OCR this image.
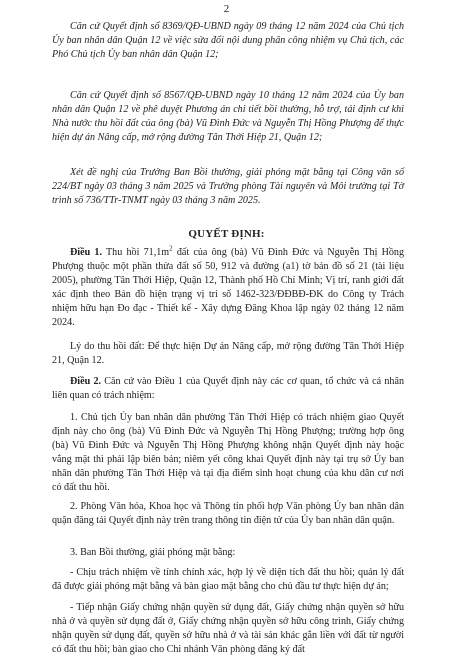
2

Căn cứ Quyết định số 8369/QĐ-UBND ngày 09 tháng 12 năm 2024 của Chủ tịch Ủy ban nhân dân Quận 12 về việc sửa đổi nội dung phân công nhiệm vụ Chủ tịch, các Phó Chủ tịch Ủy ban nhân dân Quận 12;

Căn cứ Quyết định số 8567/QĐ-UBND ngày 10 tháng 12 năm 2024 của Ủy ban nhân dân Quận 12 về phê duyệt Phương án chi tiết bồi thường, hỗ trợ, tái định cư khi Nhà nước thu hồi đất của ông (bà) Vũ Đình Đức và Nguyễn Thị Hồng Phượng để thực hiện dự án Nâng cấp, mở rộng đường Tân Thới Hiệp 21, Quận 12;

Xét đề nghị của Trưởng Ban Bồi thường, giải phóng mặt bằng tại Công văn số 224/BT ngày 03 tháng 3 năm 2025 và Trưởng phòng Tài nguyên và Môi trường tại Tờ trình số 736/TTr-TNMT ngày 03 tháng 3 năm 2025.

QUYẾT ĐỊNH:

Điều 1. Thu hồi $71,1m^2$ đất của ông (bà) Vũ Đình Đức và Nguyễn Thị Hồng Phượng thuộc một phần thửa đất số 50, 912 và đường (a1) tờ bản đồ số 21 (tài liệu 2005), phường Tân Thới Hiệp, Quận 12, Thành phố Hồ Chí Minh; Vị trí, ranh giới đất xác định theo Bản đồ hiện trạng vị trí số 1462-323/ĐĐBĐ-ĐK do Công ty Trách nhiệm hữu hạn Đo đạc - Thiết kế - Xây dựng Đăng Khoa lập ngày 02 tháng 12 năm 2024.

Lý do thu hồi đất: Để thực hiện Dự án Nâng cấp, mở rộng đường Tân Thới Hiệp 21, Quận 12.

Điều 2. Căn cứ vào Điều 1 của Quyết định này các cơ quan, tổ chức và cá nhân liên quan có trách nhiệm:

1. Chủ tịch Ủy ban nhân dân phường Tân Thới Hiệp có trách nhiệm giao Quyết định này cho ông (bà) Vũ Đình Đức và Nguyễn Thị Hồng Phượng; trường hợp ông (bà) Vũ Đình Đức và Nguyễn Thị Hồng Phượng không nhận Quyết định này hoặc vắng mặt thì phải lập biên bản; niêm yết công khai Quyết định này tại trụ sở Ủy ban nhân dân phường Tân Thới Hiệp và tại địa điểm sinh hoạt chung của khu dân cư nơi có đất thu hồi.

2. Phòng Văn hóa, Khoa học và Thông tin phối hợp Văn phòng Ủy ban nhân dân quận đăng tải Quyết định này trên trang thông tin điện tử của Ủy ban nhân dân quận.

3. Ban Bồi thường, giải phóng mặt bằng:

- Chịu trách nhiệm về tính chính xác, hợp lý về diện tích đất thu hồi; quản lý đất đã được giải phóng mặt bằng và bàn giao mặt bằng cho chủ đầu tư thực hiện dự án;

- Tiếp nhận Giấy chứng nhận quyền sử dụng đất, Giấy chứng nhận quyền sở hữu nhà ở và quyền sử dụng đất ở, Giấy chứng nhận quyền sở hữu công trình, Giấy chứng nhận quyền sử dụng đất, quyền sở hữu nhà ở và tài sản khác gắn liền với đất từ người có đất thu hồi; bàn giao cho Chi nhánh Văn phòng đăng ký đất
